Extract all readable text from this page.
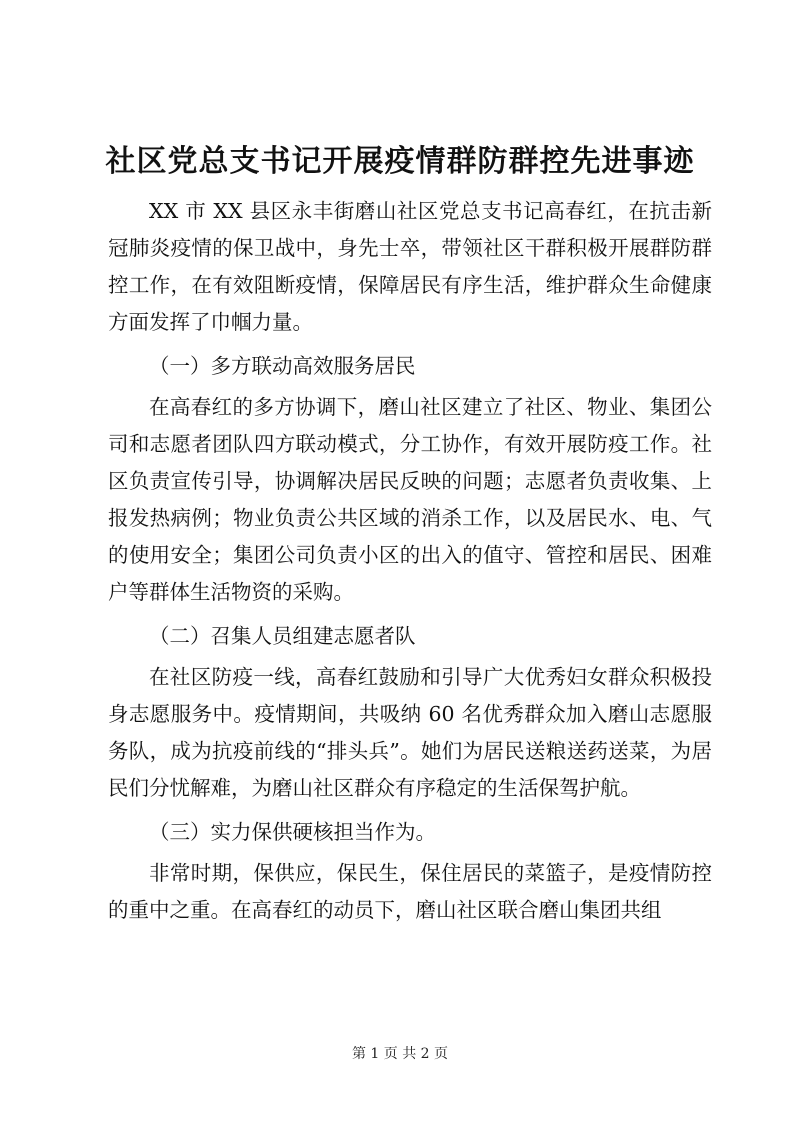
社区党总支书记开展疫情群防群控先进事迹

XX 市 XX 县区永丰街磨山社区党总支书记高春红，在抗击新冠肺炎疫情的保卫战中，身先士卒，带领社区干群积极开展群防群控工作，在有效阻断疫情，保障居民有序生活，维护群众生命健康方面发挥了巾帼力量。

（一）多方联动高效服务居民

在高春红的多方协调下，磨山社区建立了社区、物业、集团公司和志愿者团队四方联动模式，分工协作，有效开展防疫工作。社区负责宣传引导，协调解决居民反映的问题；志愿者负责收集、上报发热病例；物业负责公共区域的消杀工作，以及居民水、电、气的使用安全；集团公司负责小区的出入的值守、管控和居民、困难户等群体生活物资的采购。

（二）召集人员组建志愿者队

在社区防疫一线，高春红鼓励和引导广大优秀妇女群众积极投身志愿服务中。疫情期间，共吸纳 60 名优秀群众加入磨山志愿服务队，成为抗疫前线的“排头兵”。她们为居民送粮送药送菜，为居民们分忧解难，为磨山社区群众有序稳定的生活保驾护航。

（三）实力保供硬核担当作为。

非常时期，保供应，保民生，保住居民的菜篮子，是疫情防控的重中之重。在高春红的动员下，磨山社区联合磨山集团共组

第 1 页 共 2 页
